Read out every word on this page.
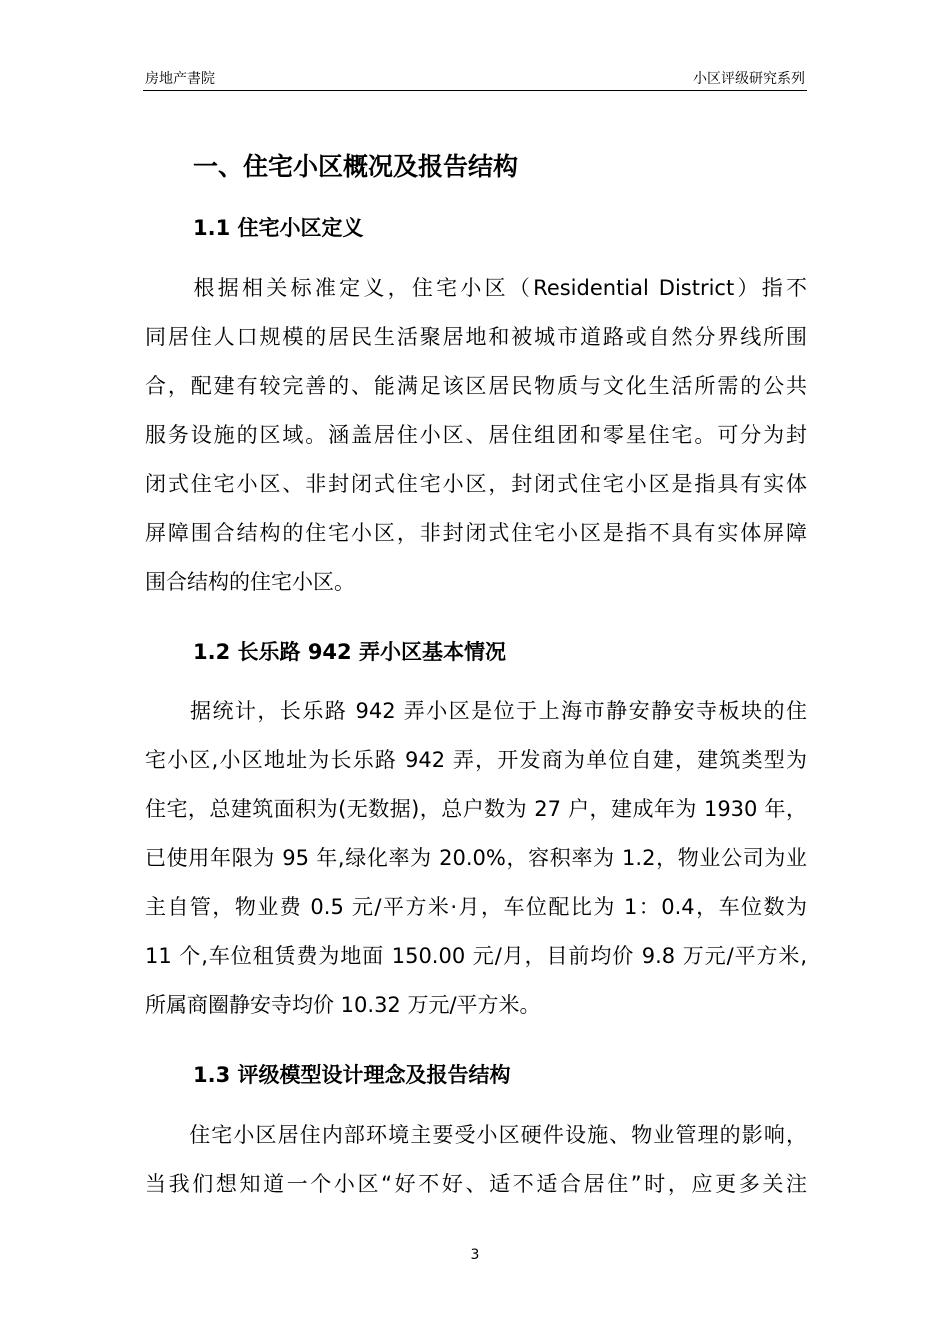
房地产書院	小区评级研究系列
一、住宅小区概况及报告结构
1.1 住宅小区定义
　　根据相关标准定义，住宅小区（Residential District）指不
同居住人口规模的居民生活聚居地和被城市道路或自然分界线所围
合，配建有较完善的、能满足该区居民物质与文化生活所需的公共
服务设施的区域。涵盖居住小区、居住组团和零星住宅。可分为封
闭式住宅小区、非封闭式住宅小区，封闭式住宅小区是指具有实体
屏障围合结构的住宅小区，非封闭式住宅小区是指不具有实体屏障
围合结构的住宅小区。
1.2 长乐路 942 弄小区基本情况
　　据统计，长乐路 942 弄小区是位于上海市静安静安寺板块的住
宅小区,小区地址为长乐路 942 弄，开发商为单位自建，建筑类型为
住宅，总建筑面积为(无数据)，总户数为 27 户，建成年为 1930 年，
已使用年限为 95 年,绿化率为 20.0%，容积率为 1.2，物业公司为业
主自管，物业费 0.5 元/平方米·月，车位配比为 1：0.4，车位数为
11 个,车位租赁费为地面 150.00 元/月，目前均价 9.8 万元/平方米,
所属商圈静安寺均价 10.32 万元/平方米。
1.3 评级模型设计理念及报告结构
　　住宅小区居住内部环境主要受小区硬件设施、物业管理的影响，
当我们想知道一个小区“好不好、适不适合居住”时，应更多关注
3
